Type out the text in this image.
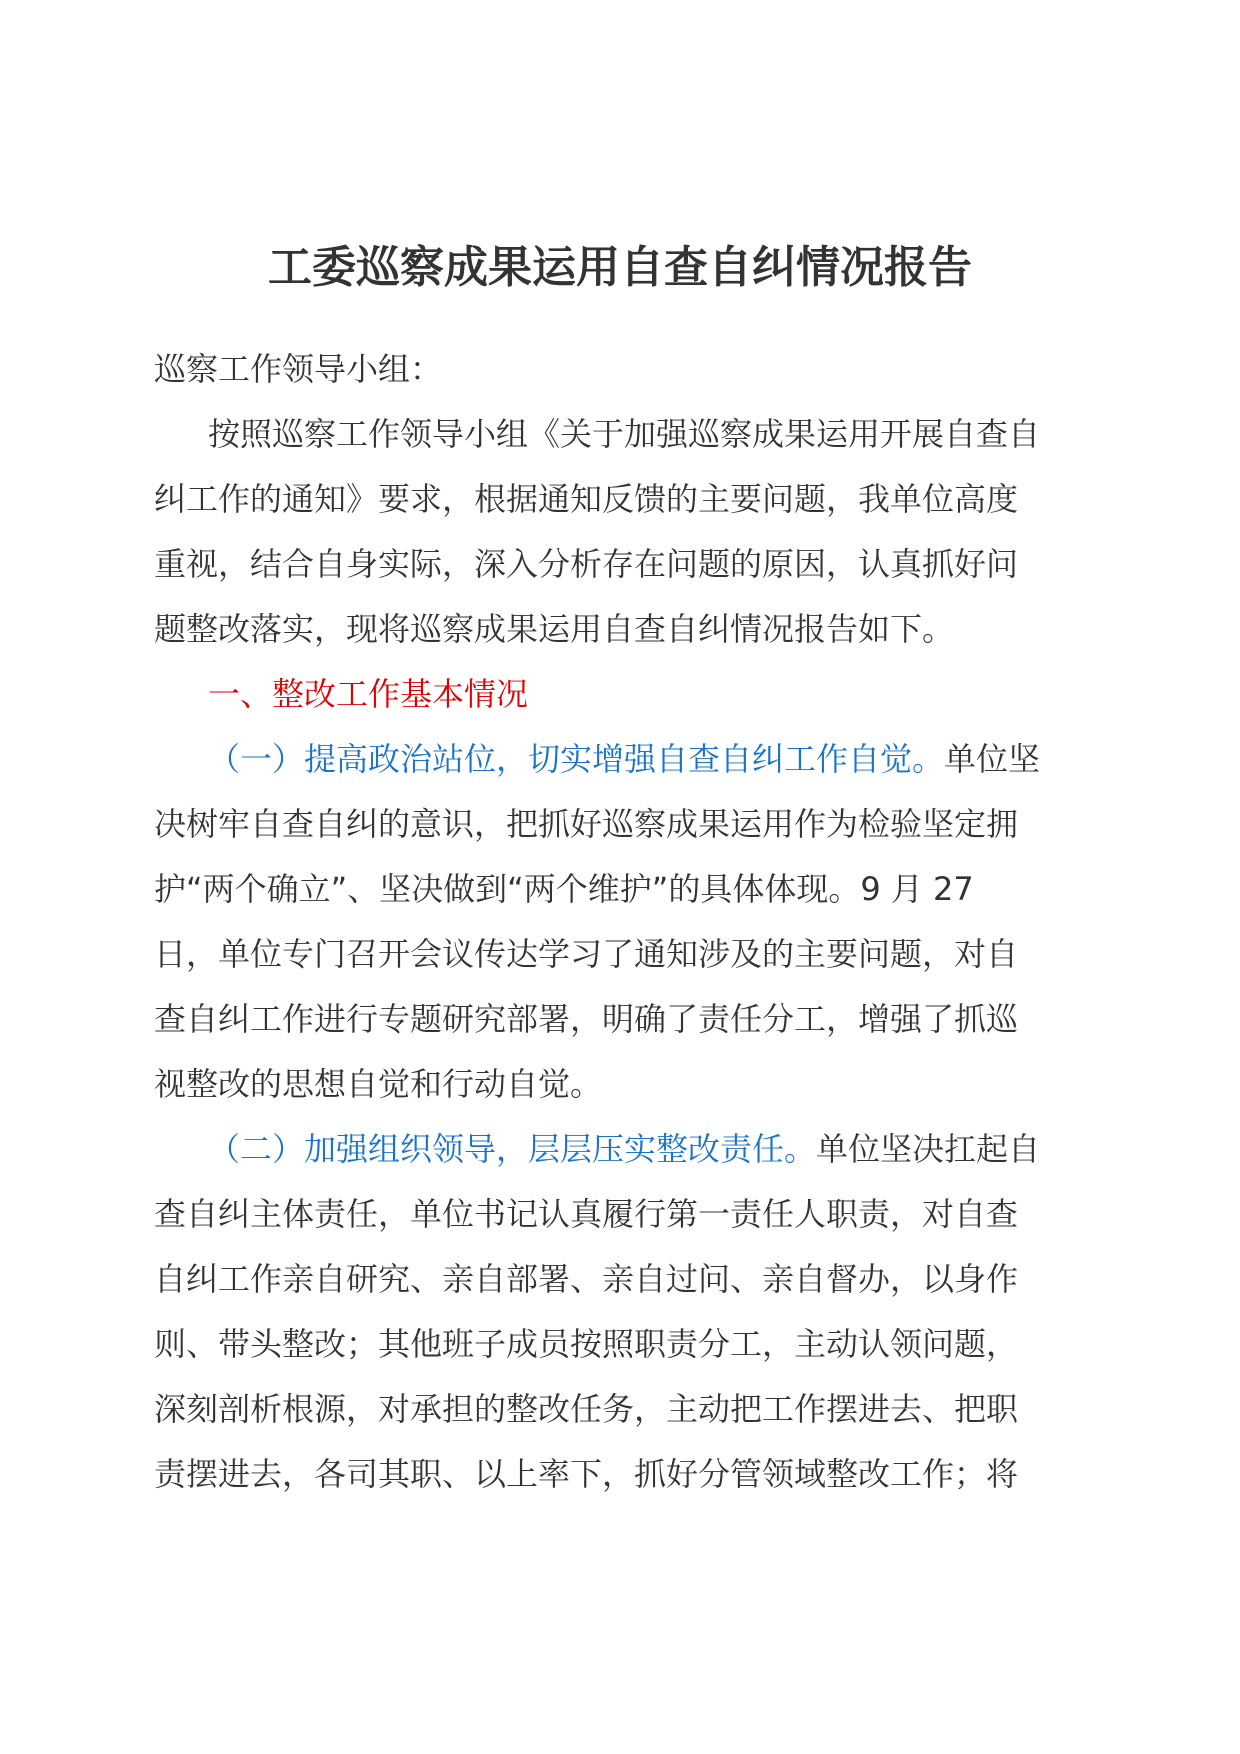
工委巡察成果运用自查自纠情况报告

巡察工作领导小组：

按照巡察工作领导小组《关于加强巡察成果运用开展自查自
纠工作的通知》要求，根据通知反馈的主要问题，我单位高度
重视，结合自身实际，深入分析存在问题的原因，认真抓好问
题整改落实，现将巡察成果运用自查自纠情况报告如下。

一、整改工作基本情况

（一）提高政治站位，切实增强自查自纠工作自觉。单位坚
决树牢自查自纠的意识，把抓好巡察成果运用作为检验坚定拥
护“两个确立”、坚决做到“两个维护”的具体体现。9 月 27
日，单位专门召开会议传达学习了通知涉及的主要问题，对自
查自纠工作进行专题研究部署，明确了责任分工，增强了抓巡
视整改的思想自觉和行动自觉。
（二）加强组织领导，层层压实整改责任。单位坚决扛起自
查自纠主体责任，单位书记认真履行第一责任人职责，对自查
自纠工作亲自研究、亲自部署、亲自过问、亲自督办，以身作
则、带头整改；其他班子成员按照职责分工，主动认领问题，
深刻剖析根源，对承担的整改任务，主动把工作摆进去、把职
责摆进去，各司其职、以上率下，抓好分管领域整改工作；将
